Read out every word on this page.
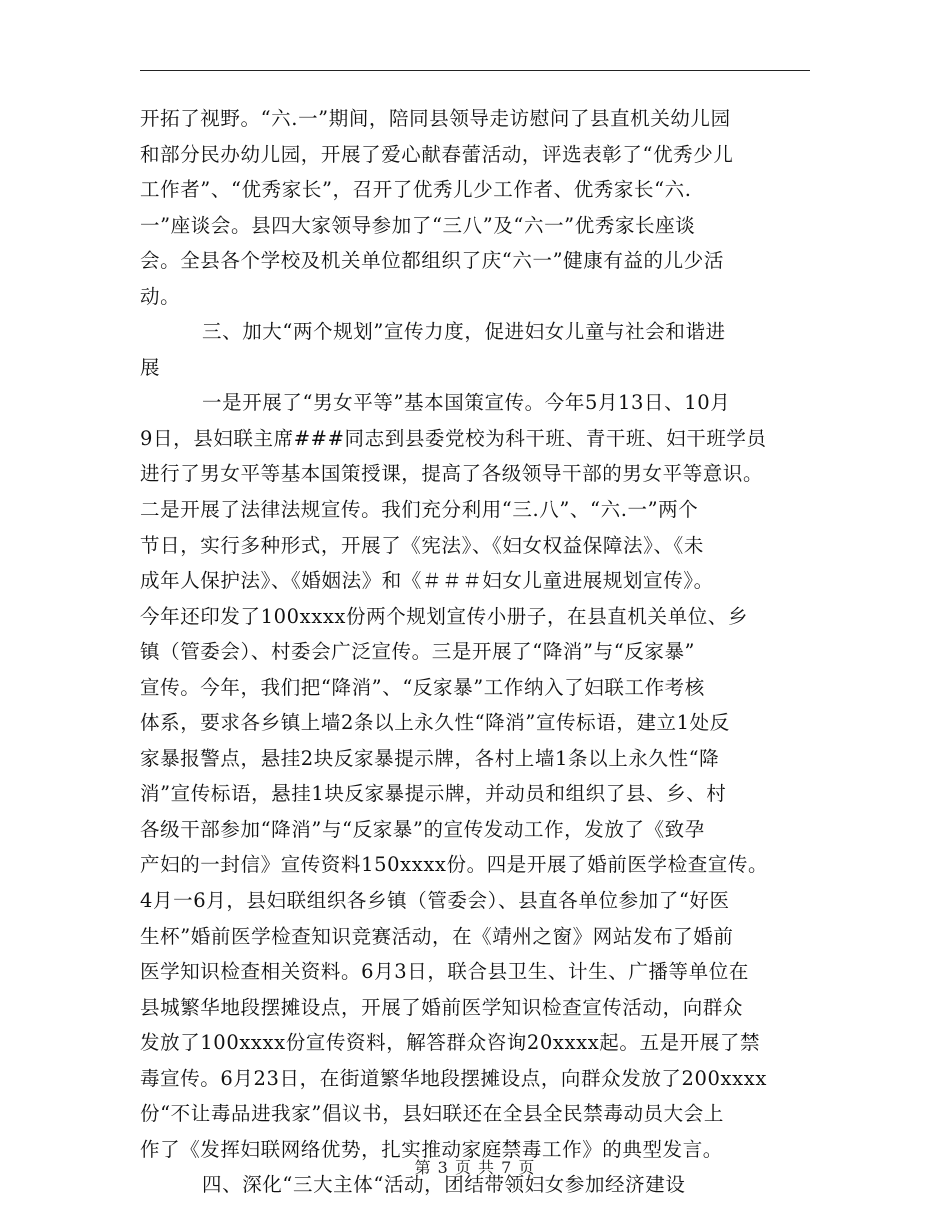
开拓了视野。“六.一”期间，陪同县领导走访慰问了县直机关幼儿园
和部分民办幼儿园，开展了爱心献春蕾活动，评选表彰了“优秀少儿
工作者”、“优秀家长”，召开了优秀儿少工作者、优秀家长“六.
一”座谈会。县四大家领导参加了“三八”及“六一”优秀家长座谈
会。全县各个学校及机关单位都组织了庆“六一”健康有益的儿少活
动。
三、加大“两个规划”宣传力度，促进妇女儿童与社会和谐进
展
一是开展了“男女平等”基本国策宣传。今年5月13日、10月
9日，县妇联主席###同志到县委党校为科干班、青干班、妇干班学员
进行了男女平等基本国策授课，提高了各级领导干部的男女平等意识。
二是开展了法律法规宣传。我们充分利用“三.八”、“六.一”两个
节日，实行多种形式，开展了《宪法》、《妇女权益保障法》、《未
成年人保护法》、《婚姻法》和《＃＃＃妇女儿童进展规划宣传》。
今年还印发了100xxxx份两个规划宣传小册子，在县直机关单位、乡
镇（管委会）、村委会广泛宣传。三是开展了“降消”与“反家暴”
宣传。今年，我们把“降消”、“反家暴”工作纳入了妇联工作考核
体系，要求各乡镇上墙2条以上永久性“降消”宣传标语，建立1处反
家暴报警点，悬挂2块反家暴提示牌，各村上墙1条以上永久性“降
消”宣传标语，悬挂1块反家暴提示牌，并动员和组织了县、乡、村
各级干部参加“降消”与“反家暴”的宣传发动工作，发放了《致孕
产妇的一封信》宣传资料150xxxx份。四是开展了婚前医学检查宣传。
4月一6月，县妇联组织各乡镇（管委会）、县直各单位参加了“好医
生杯”婚前医学检查知识竞赛活动，在《靖州之窗》网站发布了婚前
医学知识检查相关资料。6月3日，联合县卫生、计生、广播等单位在
县城繁华地段摆摊设点，开展了婚前医学知识检查宣传活动，向群众
发放了100xxxx份宣传资料，解答群众咨询20xxxx起。五是开展了禁
毒宣传。6月23日，在街道繁华地段摆摊设点，向群众发放了200xxxx
份“不让毒品进我家”倡议书，县妇联还在全县全民禁毒动员大会上
作了《发挥妇联网络优势，扎实推动家庭禁毒工作》的典型发言。
四、深化“三大主体“活动，团结带领妇女参加经济建设
第 3 页 共 7 页
